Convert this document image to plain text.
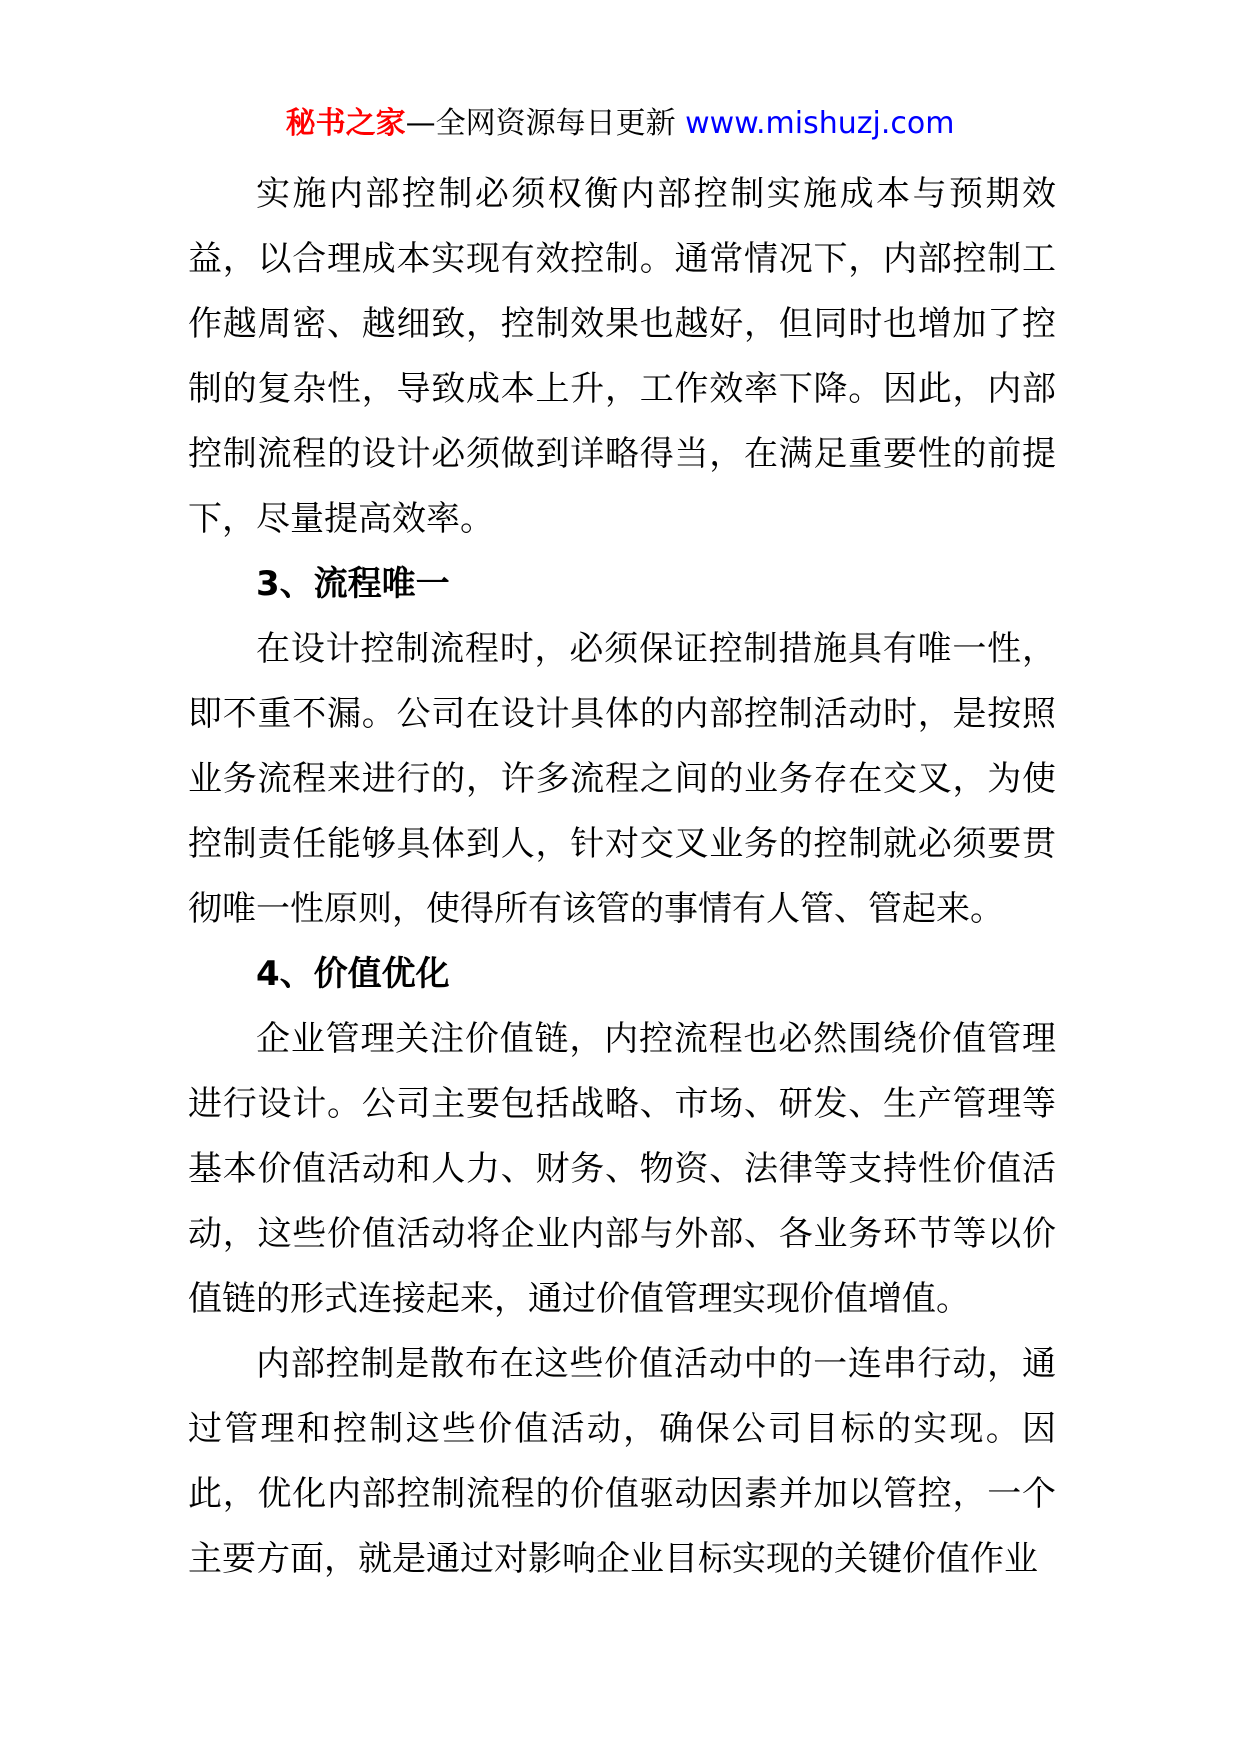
秘书之家—全网资源每日更新 www.mishuzj.com

实施内部控制必须权衡内部控制实施成本与预期效益，以合理成本实现有效控制。通常情况下，内部控制工作越周密、越细致，控制效果也越好，但同时也增加了控制的复杂性，导致成本上升，工作效率下降。因此，内部控制流程的设计必须做到详略得当，在满足重要性的前提下，尽量提高效率。

3、流程唯一

在设计控制流程时，必须保证控制措施具有唯一性，即不重不漏。公司在设计具体的内部控制活动时，是按照业务流程来进行的，许多流程之间的业务存在交叉，为使控制责任能够具体到人，针对交叉业务的控制就必须要贯彻唯一性原则，使得所有该管的事情有人管、管起来。

4、价值优化

企业管理关注价值链，内控流程也必然围绕价值管理进行设计。公司主要包括战略、市场、研发、生产管理等基本价值活动和人力、财务、物资、法律等支持性价值活动，这些价值活动将企业内部与外部、各业务环节等以价值链的形式连接起来，通过价值管理实现价值增值。

内部控制是散布在这些价值活动中的一连串行动，通过管理和控制这些价值活动，确保公司目标的实现。因此，优化内部控制流程的价值驱动因素并加以管控，一个主要方面，就是通过对影响企业目标实现的关键价值作业
